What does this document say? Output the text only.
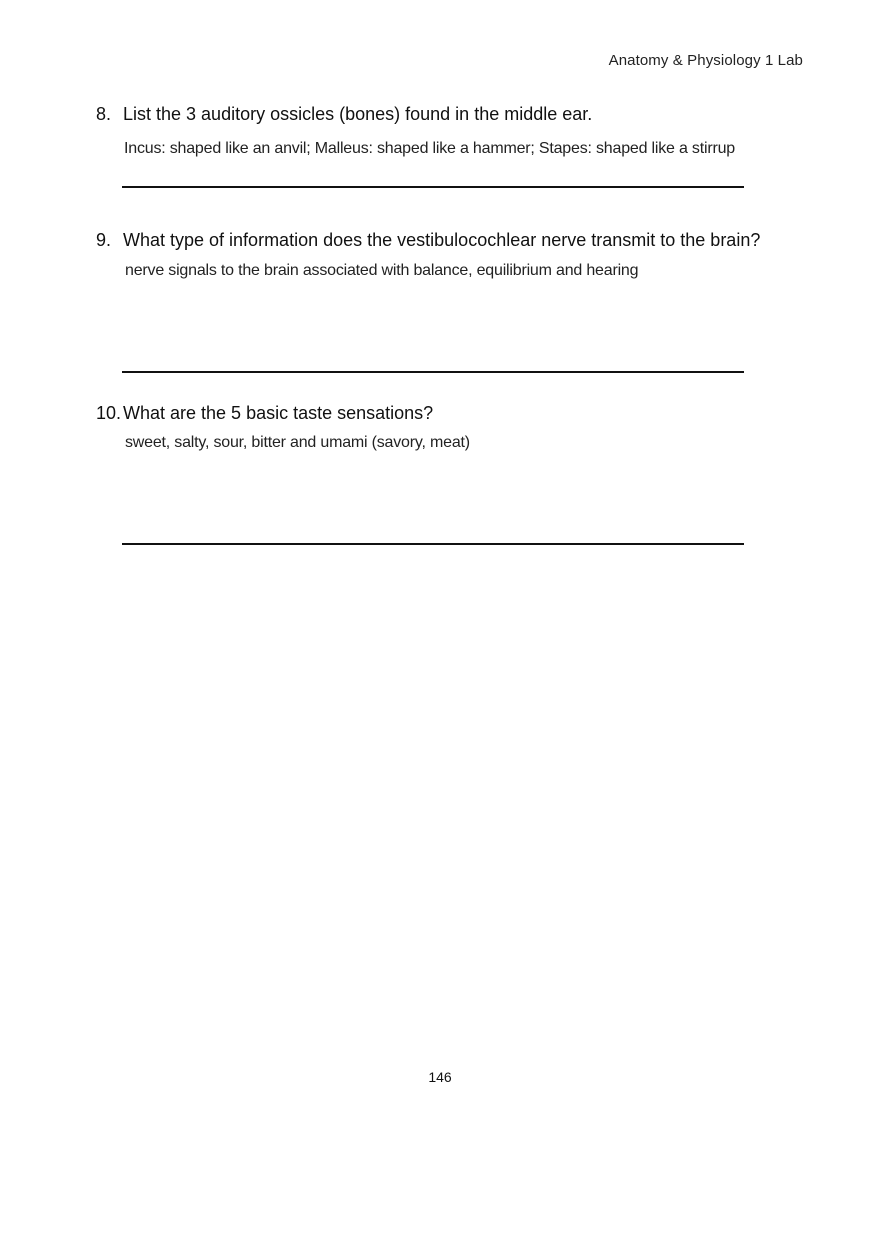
Anatomy & Physiology 1 Lab
8. List the 3 auditory ossicles (bones) found in the middle ear.
Incus: shaped like an anvil; Malleus: shaped like a hammer; Stapes: shaped like a stirrup
9. What type of information does the vestibulocochlear nerve transmit to the brain?
nerve signals to the brain associated with balance, equilibrium and hearing
10. What are the 5 basic taste sensations?
sweet, salty, sour, bitter and umami (savory, meat)
146
